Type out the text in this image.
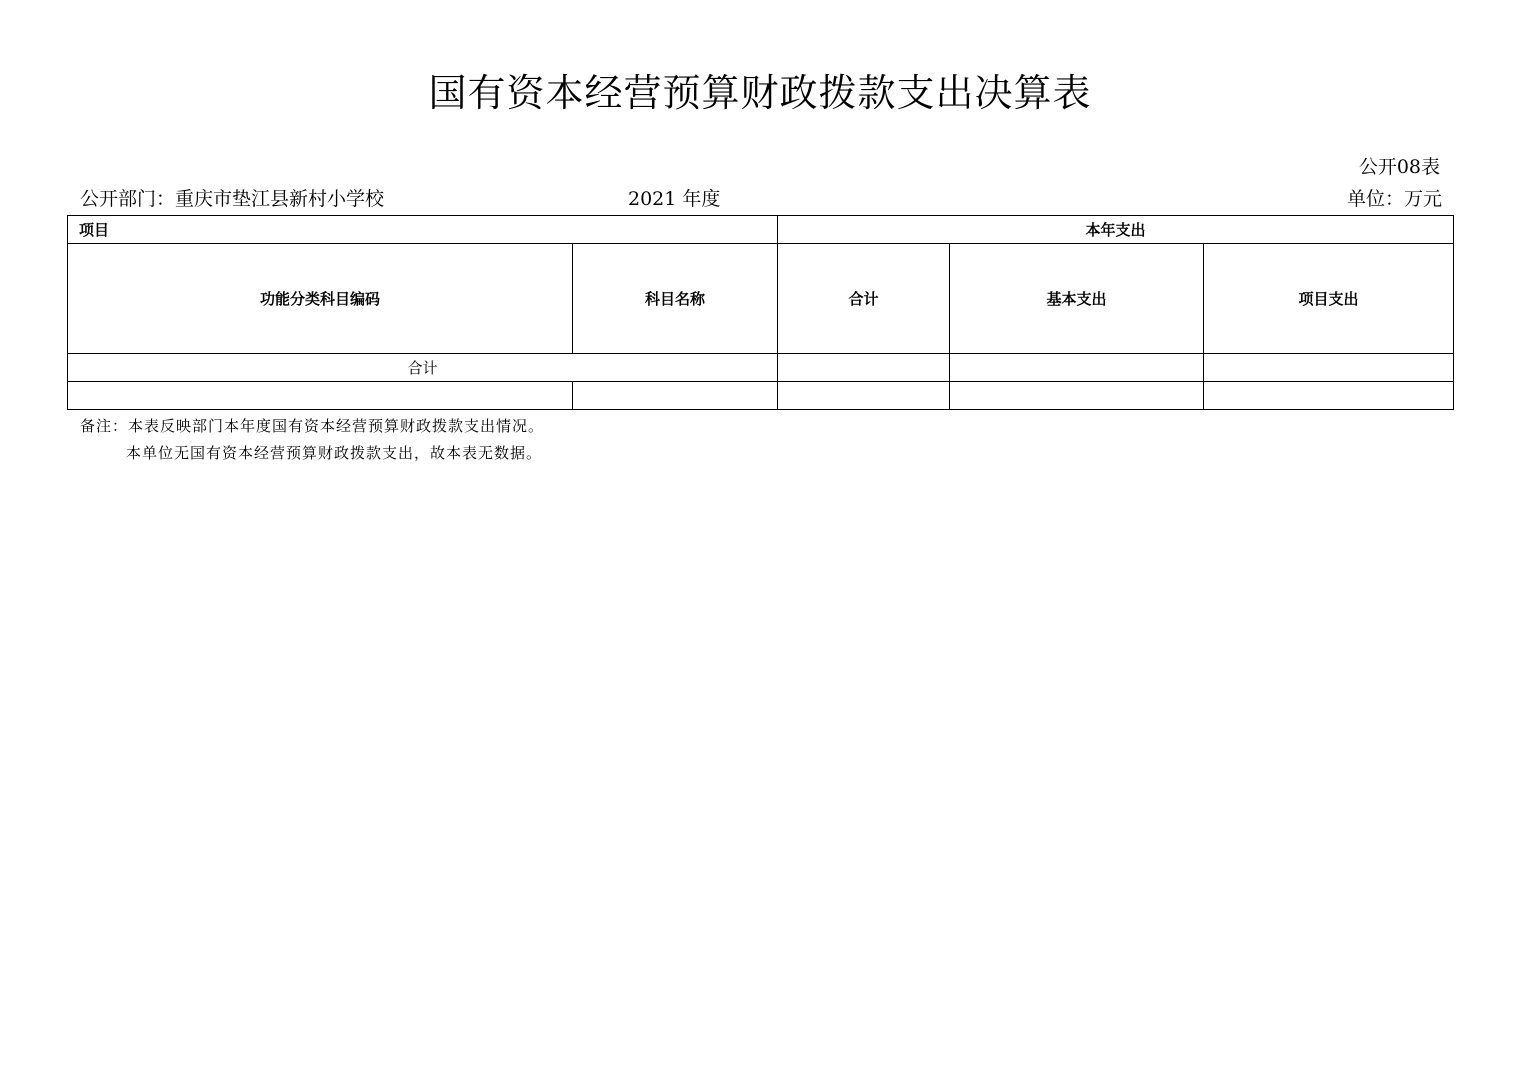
国有资本经营预算财政拨款支出决算表
公开08表
公开部门：重庆市垫江县新村小学校	2021 年度	单位：万元
项目		本年支出		
功能分类科目编码	科目名称	合计	基本支出	项目支出
合计				

备注：本表反映部门本年度国有资本经营预算财政拨款支出情况。
本单位无国有资本经营预算财政拨款支出，故本表无数据。
